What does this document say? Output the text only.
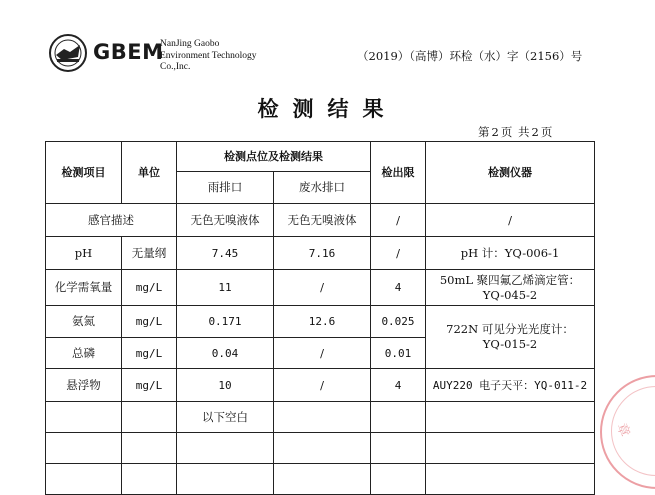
GBEM
NanJing Gaobo
Environment Technology
Co.,Inc.
（2019）（高博）环检（水）字（2156）号
检测结果
第 2 页 共 2 页
检测项目	单位	检测点位及检测结果		检出限	检测仪器
		雨排口	废水排口		
感官描述		无色无嗅液体	无色无嗅液体	/	/
pH	无量纲	7.45	7.16	/	pH 计：YQ-006-1
化学需氧量	mg/L	11	/	4	50mL 聚四氟乙烯滴定管：
YQ-045-2

氨氮	mg/L	0.171	12.6	0.025	722N 可见分光光度计：
YQ-015-2

总磷	mg/L	0.04	/	0.01	
悬浮物	mg/L	10	/	4	AUY220 电子天平：YQ-011-2
		以下空白			

章
